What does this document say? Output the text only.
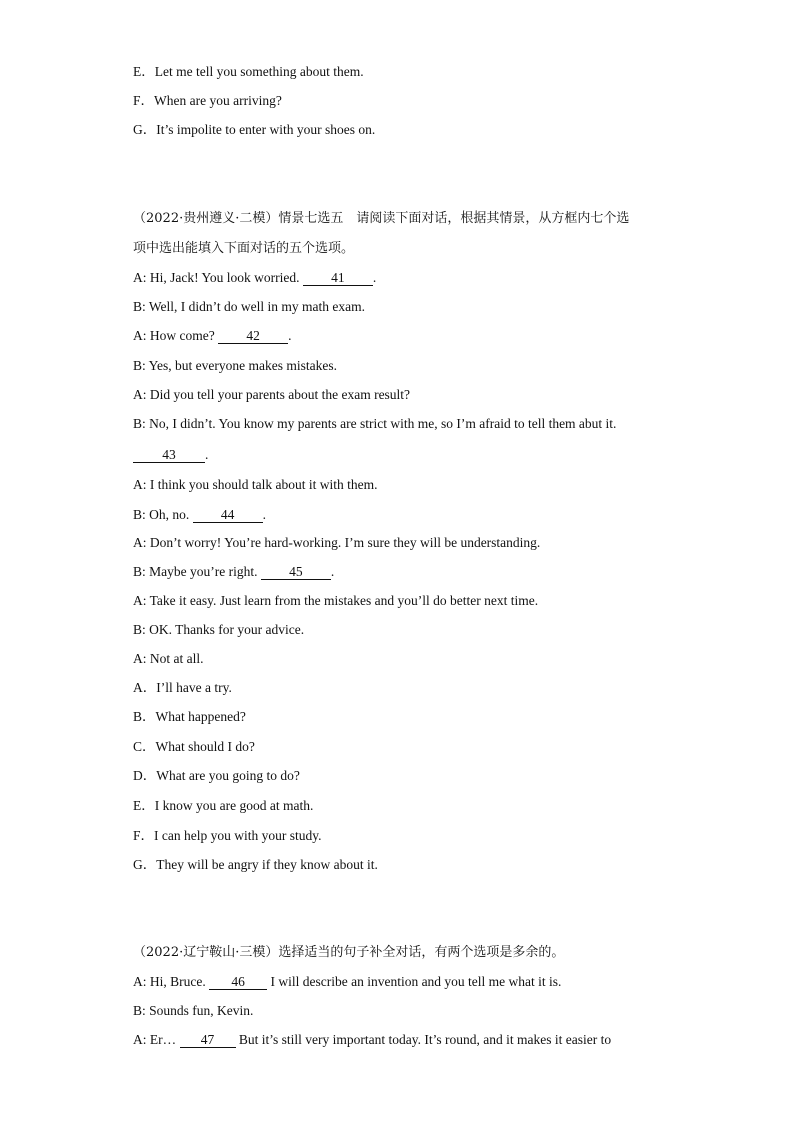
E．Let me tell you something about them.
F．When are you arriving?
G．It’s impolite to enter with your shoes on.
（2022·贵州遵义·二模）情景七选五　请阅读下面对话，根据其情景，从方框内七个选
项中选出能填入下面对话的五个选项。
A: Hi, Jack! You look worried. 41 .
B: Well, I didn’t do well in my math exam.
A: How come? 42 .
B: Yes, but everyone makes mistakes.
A: Did you tell your parents about the exam result?
B: No, I didn’t. You know my parents are strict with me, so I’m afraid to tell them abut it.
43 .
A: I think you should talk about it with them.
B: Oh, no. 44 .
A: Don’t worry! You’re hard-working. I’m sure they will be understanding.
B: Maybe you’re right. 45 .
A: Take it easy. Just learn from the mistakes and you’ll do better next time.
B: OK. Thanks for your advice.
A: Not at all.
A．I’ll have a try.
B．What happened?
C．What should I do?
D．What are you going to do?
E．I know you are good at math.
F．I can help you with your study.
G．They will be angry if they know about it.
（2022·辽宁鞍山·三模）选择适当的句子补全对话，有两个选项是多余的。
A: Hi, Bruce. 46 I will describe an invention and you tell me what it is.
B: Sounds fun, Kevin.
A: Er… 47 But it’s still very important today. It’s round, and it makes it easier to
